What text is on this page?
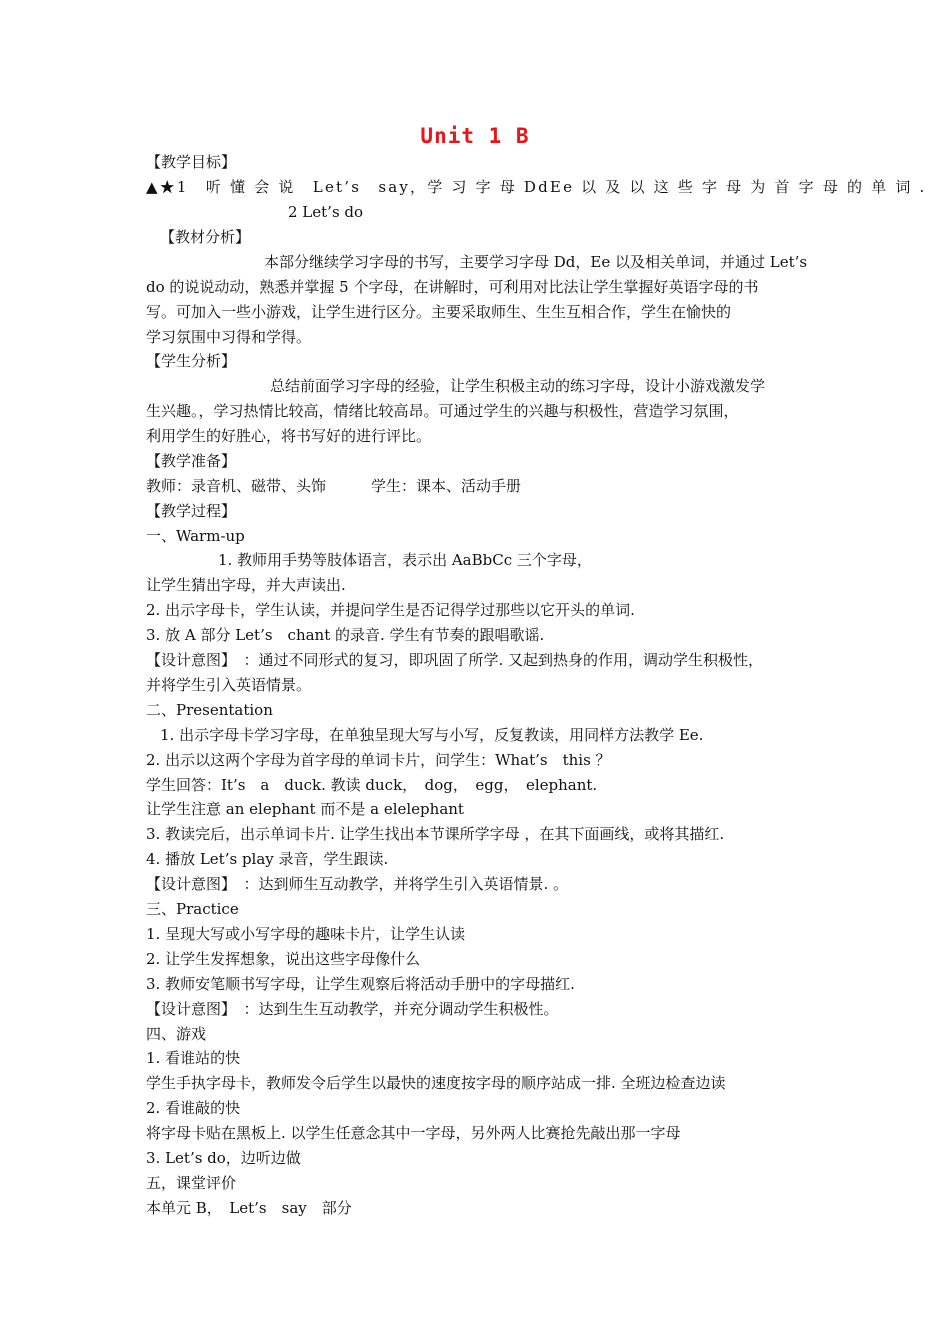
Unit 1 B
【教学目标】
▲★1　听 懂 会 说　Let’s　say，学 习 字 母 DdEe 以 及 以 这 些 字 母 为 首 字 母 的 单 词 .
2 Let’s do
【教材分析】
本部分继续学习字母的书写，主要学习字母 Dd，Ee 以及相关单词，并通过 Let’s
do 的说说动动，熟悉并掌握 5 个字母，在讲解时，可利用对比法让学生掌握好英语字母的书
写。可加入一些小游戏，让学生进行区分。主要采取师生、生生互相合作，学生在愉快的
学习氛围中习得和学得。
【学生分析】
总结前面学习字母的经验，让学生积极主动的练习字母，设计小游戏激发学
生兴趣。，学习热情比较高，情绪比较高昂。可通过学生的兴趣与积极性，营造学习氛围，
利用学生的好胜心，将书写好的进行评比。
【教学准备】
教师：录音机、磁带、头饰　　　学生：课本、活动手册
【教学过程】
一、Warm-up
1. 教师用手势等肢体语言，表示出 AaBbCc 三个字母，
让学生猜出字母，并大声读出.
2. 出示字母卡，学生认读，并提问学生是否记得学过那些以它开头的单词.
3. 放 A 部分 Let’s　chant 的录音. 学生有节奏的跟唱歌谣.
【设计意图】　：通过不同形式的复习，即巩固了所学. 又起到热身的作用，调动学生积极性，
并将学生引入英语情景。
二、Presentation
1. 出示字母卡学习字母，在单独呈现大写与小写，反复教读，用同样方法教学 Ee.
2. 出示以这两个字母为首字母的单词卡片，问学生：What’s　this ？
学生回答：It’s　a　duck. 教读 duck，　dog，　egg，　elephant.
让学生注意 an elephant 而不是 a elelephant
3. 教读完后，出示单词卡片. 让学生找出本节课所学字母 ，在其下面画线，或将其描红.
4. 播放 Let’s play 录音，学生跟读.
【设计意图】　：达到师生互动教学，并将学生引入英语情景. 。
三、Practice
1. 呈现大写或小写字母的趣味卡片，让学生认读
2. 让学生发挥想象，说出这些字母像什么
3. 教师安笔顺书写字母，让学生观察后将活动手册中的字母描红.
【设计意图】　：达到生生互动教学，并充分调动学生积极性。
四、游戏
1. 看谁站的快
学生手执字母卡，教师发令后学生以最快的速度按字母的顺序站成一排. 全班边检查边读
2. 看谁敲的快
将字母卡贴在黑板上. 以学生任意念其中一字母，另外两人比赛抢先敲出那一字母
3. Let’s do，边听边做
五，课堂评价
本单元 B，　Let’s　say　部分
